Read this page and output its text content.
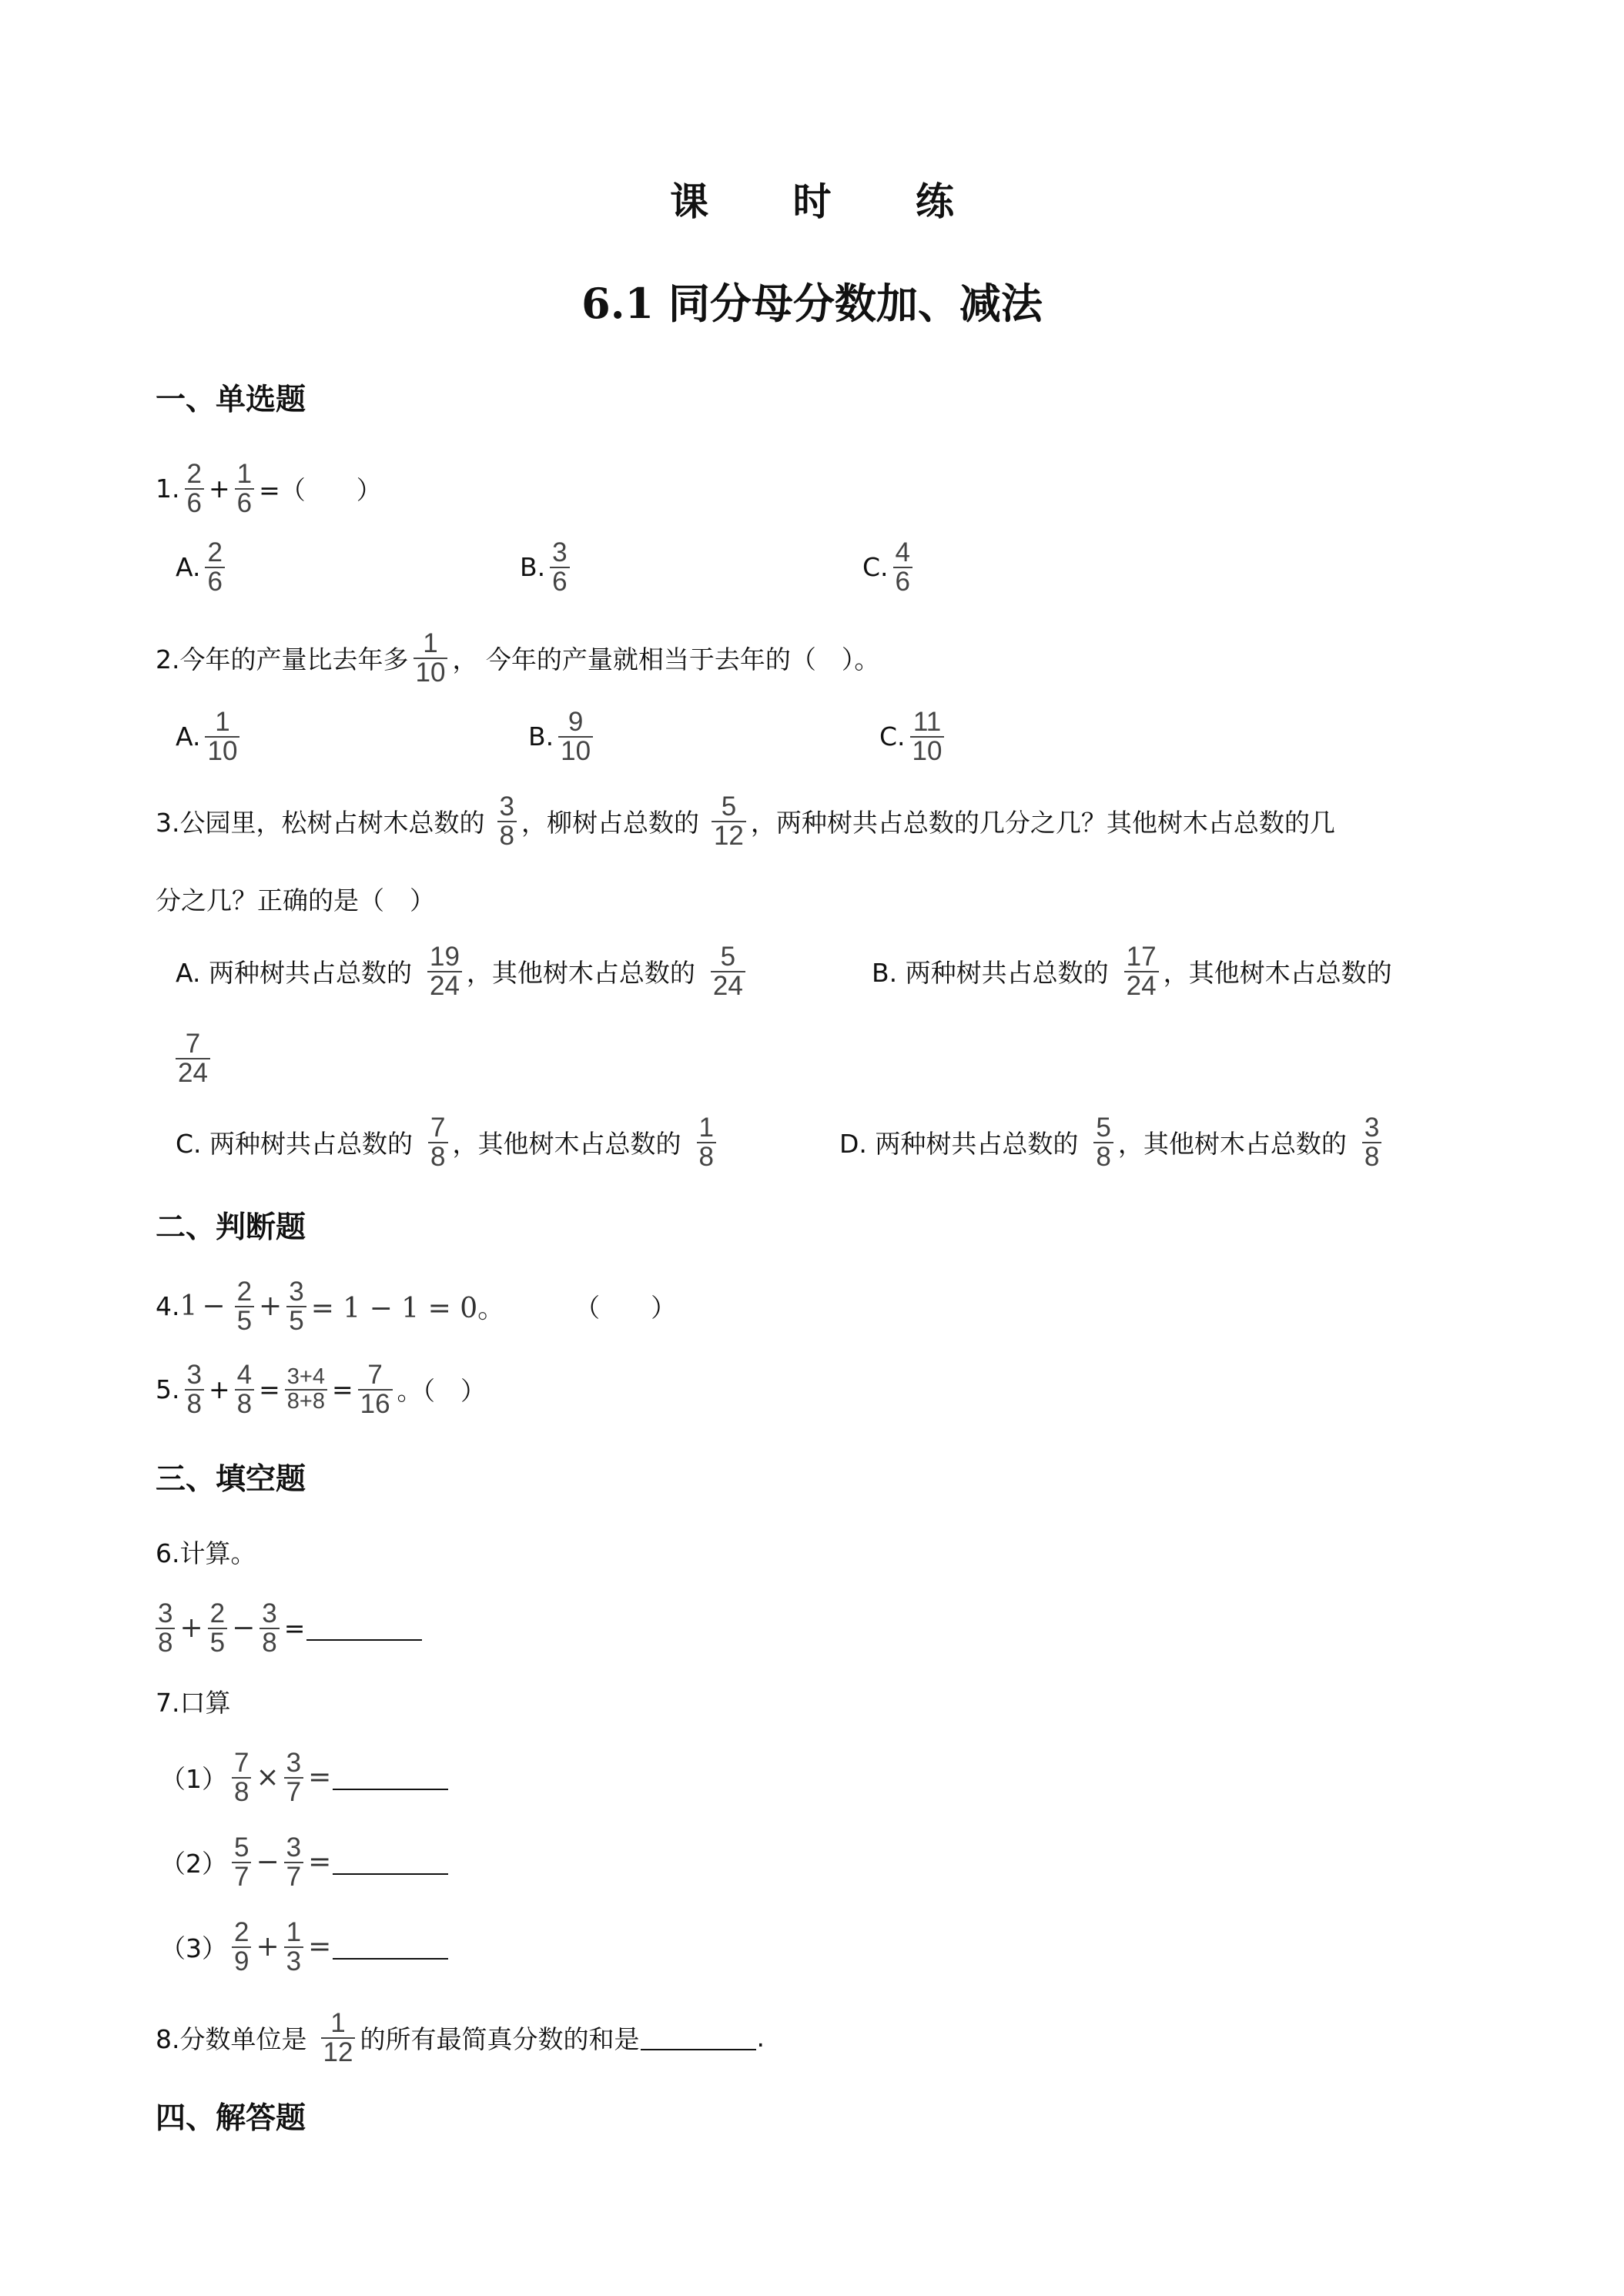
课 时 练
6.1 同分母分数加、减法
一、单选题
1. $\frac{2}{6} + \frac{1}{6}$ =（　　）
A. $\frac{2}{6}$	B. $\frac{3}{6}$	C. $\frac{4}{6}$
2.今年的产量比去年多 $\frac{1}{10}$ ， 今年的产量就相当于去年的（　）。
A. $\frac{1}{10}$	B. $\frac{9}{10}$	C. $\frac{11}{10}$
3.公园里，松树占树木总数的 $\frac{3}{8}$ ，柳树占总数的 $\frac{5}{12}$ ，两种树共占总数的几分之几？其他树木占总数的几
分之几？正确的是（　）
A. 两种树共占总数的 $\frac{19}{24}$ ，其他树木占总数的 $\frac{5}{24}$	B. 两种树共占总数的 $\frac{17}{24}$ ，其他树木占总数的
$\frac{7}{24}$
C. 两种树共占总数的 $\frac{7}{8}$ ，其他树木占总数的 $\frac{1}{8}$	D. 两种树共占总数的 $\frac{5}{8}$ ，其他树木占总数的 $\frac{3}{8}$
二、判断题
4. $1 - \frac{2}{5} + \frac{3}{5} = 1 - 1 = 0$。	（　　）
5. $\frac{3}{8} + \frac{4}{8} = \frac{3+4}{8+8} = \frac{7}{16}$ 。（　）
三、填空题
6.计算。
$\frac{3}{8} + \frac{2}{5} - \frac{3}{8}$ =
7.口算
$(1) \frac{7}{8} \times \frac{3}{7}$ =
$(2) \frac{5}{7} - \frac{3}{7}$ =
$(3) \frac{2}{9} + \frac{1}{3}$ =
8.分数单位是 $\frac{1}{12}$ 的所有最简真分数的和是	.
四、解答题
